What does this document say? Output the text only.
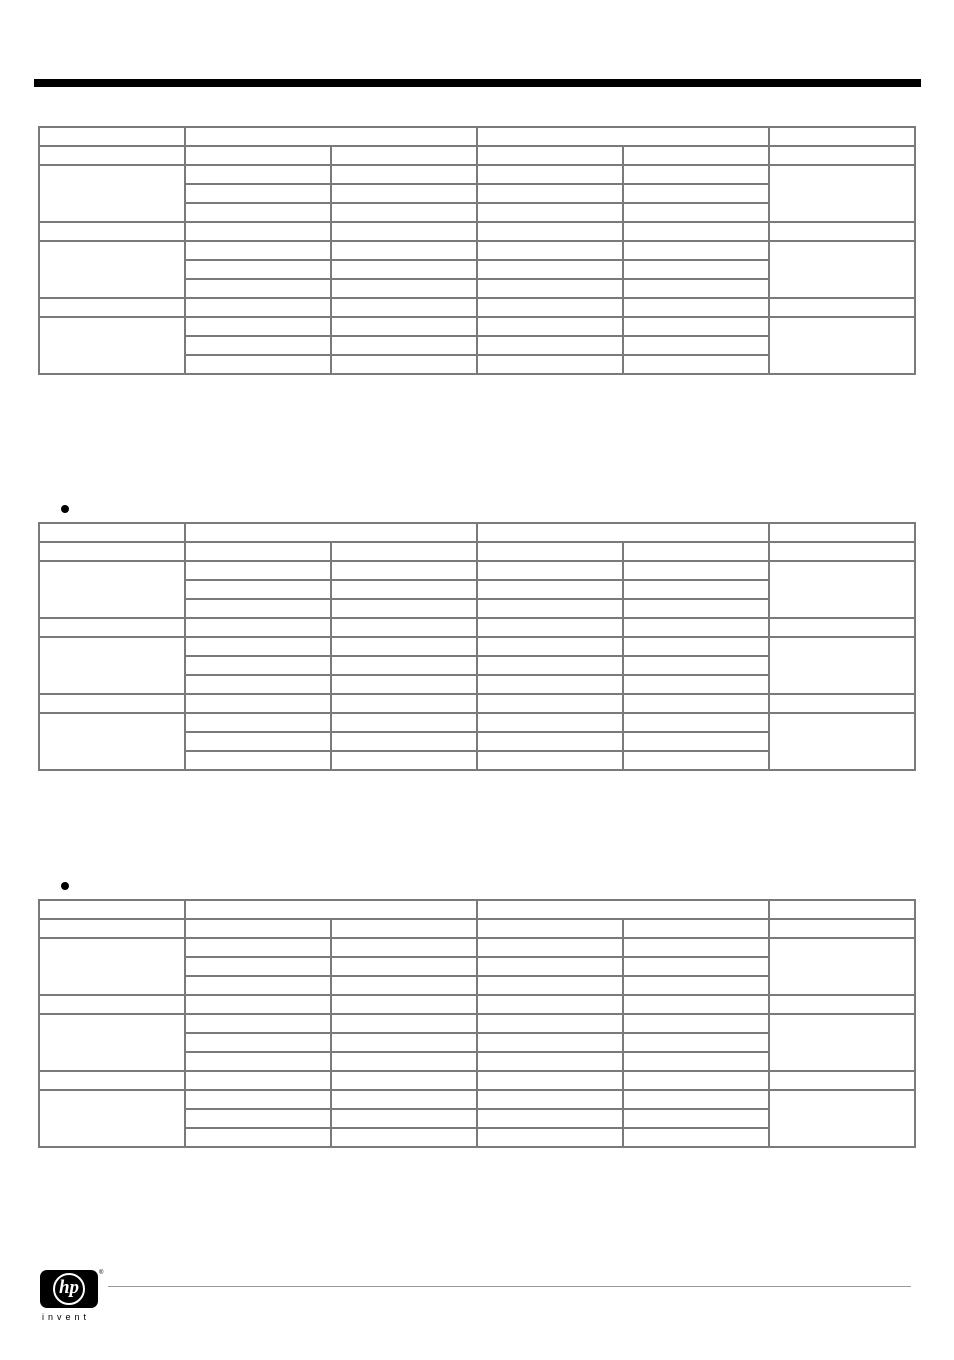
hp
®
invent
